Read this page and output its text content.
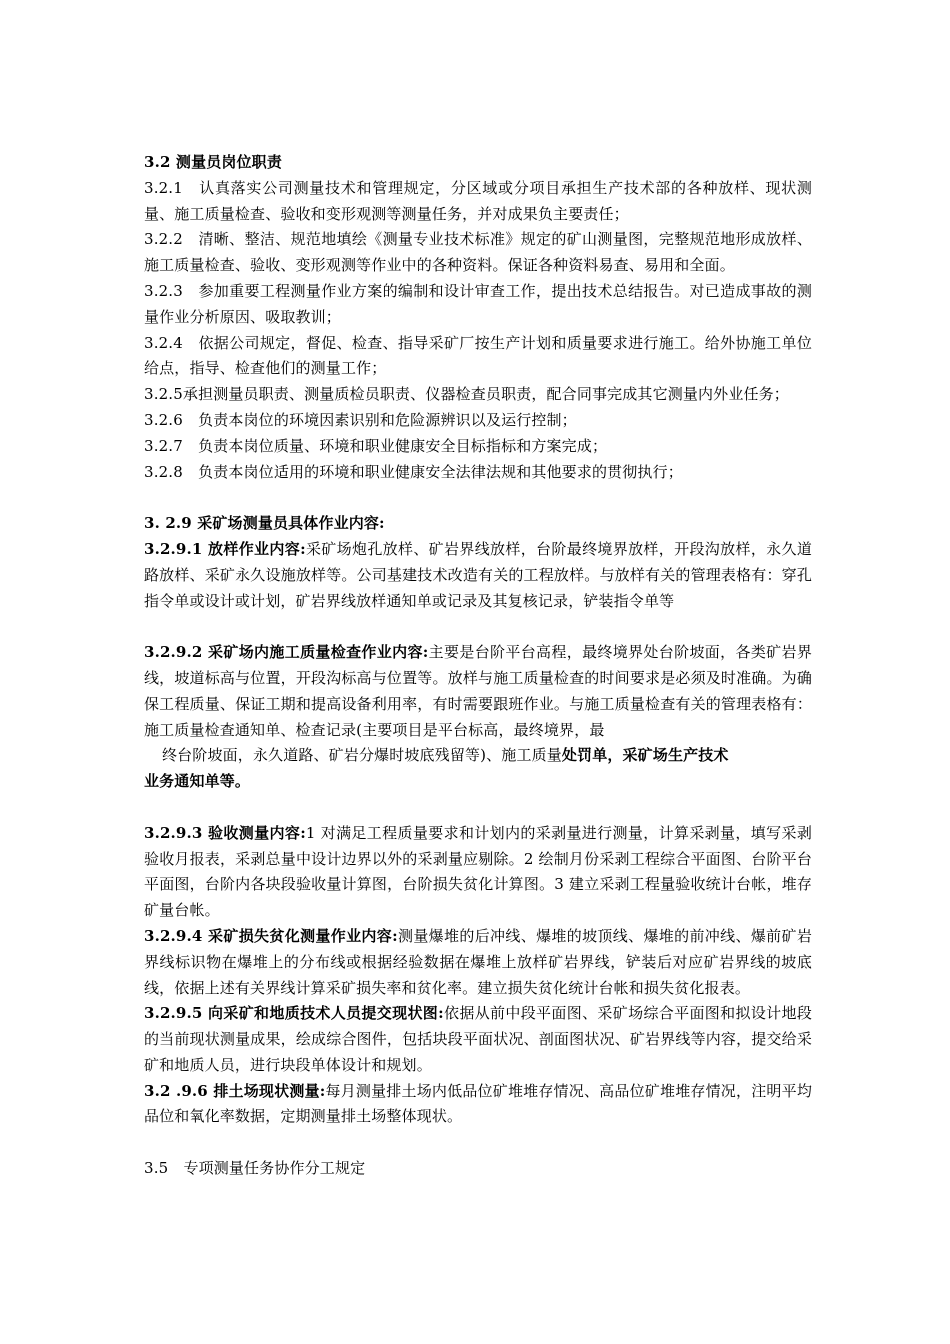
3.2 测量员岗位职责

3.2.1　认真落实公司测量技术和管理规定，分区域或分项目承担生产技术部的各种放样、现状测量、施工质量检查、验收和变形观测等测量任务，并对成果负主要责任；

3.2.2　清晰、整洁、规范地填绘《测量专业技术标准》规定的矿山测量图，完整规范地形成放样、施工质量检查、验收、变形观测等作业中的各种资料。保证各种资料易查、易用和全面。

3.2.3　参加重要工程测量作业方案的编制和设计审查工作，提出技术总结报告。对已造成事故的测量作业分析原因、吸取教训；

3.2.4　依据公司规定，督促、检查、指导采矿厂按生产计划和质量要求进行施工。给外协施工单位给点，指导、检查他们的测量工作；

3.2.5承担测量员职责、测量质检员职责、仪器检查员职责，配合同事完成其它测量内外业任务；

3.2.6　负责本岗位的环境因素识别和危险源辨识以及运行控制；

3.2.7　负责本岗位质量、环境和职业健康安全目标指标和方案完成；

3.2.8　负责本岗位适用的环境和职业健康安全法律法规和其他要求的贯彻执行；

3. 2.9 采矿场测量员具体作业内容:

3.2.9.1 放样作业内容:采矿场炮孔放样、矿岩界线放样，台阶最终境界放样，开段沟放样，永久道路放样、采矿永久设施放样等。公司基建技术改造有关的工程放样。与放样有关的管理表格有：穿孔指令单或设计或计划，矿岩界线放样通知单或记录及其复核记录，铲装指令单等

3.2.9.2 采矿场内施工质量检查作业内容:主要是台阶平台高程，最终境界处台阶坡面，各类矿岩界线，坡道标高与位置，开段沟标高与位置等。放样与施工质量检查的时间要求是必须及时准确。为确保工程质量、保证工期和提高设备利用率，有时需要跟班作业。与施工质量检查有关的管理表格有：施工质量检查通知单、检查记录(主要项目是平台标高，最终境界，最

终台阶坡面，永久道路、矿岩分爆时坡底残留等)、施工质量处罚单，采矿场生产技术

业务通知单等。

3.2.9.3 验收测量内容:1 对满足工程质量要求和计划内的采剥量进行测量，计算采剥量，填写采剥验收月报表，采剥总量中设计边界以外的采剥量应剔除。2 绘制月份采剥工程综合平面图、台阶平台平面图，台阶内各块段验收量计算图，台阶损失贫化计算图。3 建立采剥工程量验收统计台帐，堆存矿量台帐。

3.2.9.4 采矿损失贫化测量作业内容:测量爆堆的后冲线、爆堆的坡顶线、爆堆的前冲线、爆前矿岩界线标识物在爆堆上的分布线或根据经验数据在爆堆上放样矿岩界线，铲装后对应矿岩界线的坡底线，依据上述有关界线计算采矿损失率和贫化率。建立损失贫化统计台帐和损失贫化报表。

3.2.9.5 向采矿和地质技术人员提交现状图:依据从前中段平面图、采矿场综合平面图和拟设计地段的当前现状测量成果，绘成综合图件，包括块段平面状况、剖面图状况、矿岩界线等内容，提交给采矿和地质人员，进行块段单体设计和规划。

3.2 .9.6 排土场现状测量:每月测量排土场内低品位矿堆堆存情况、高品位矿堆堆存情况，注明平均品位和氧化率数据，定期测量排土场整体现状。

3.5　专项测量任务协作分工规定
